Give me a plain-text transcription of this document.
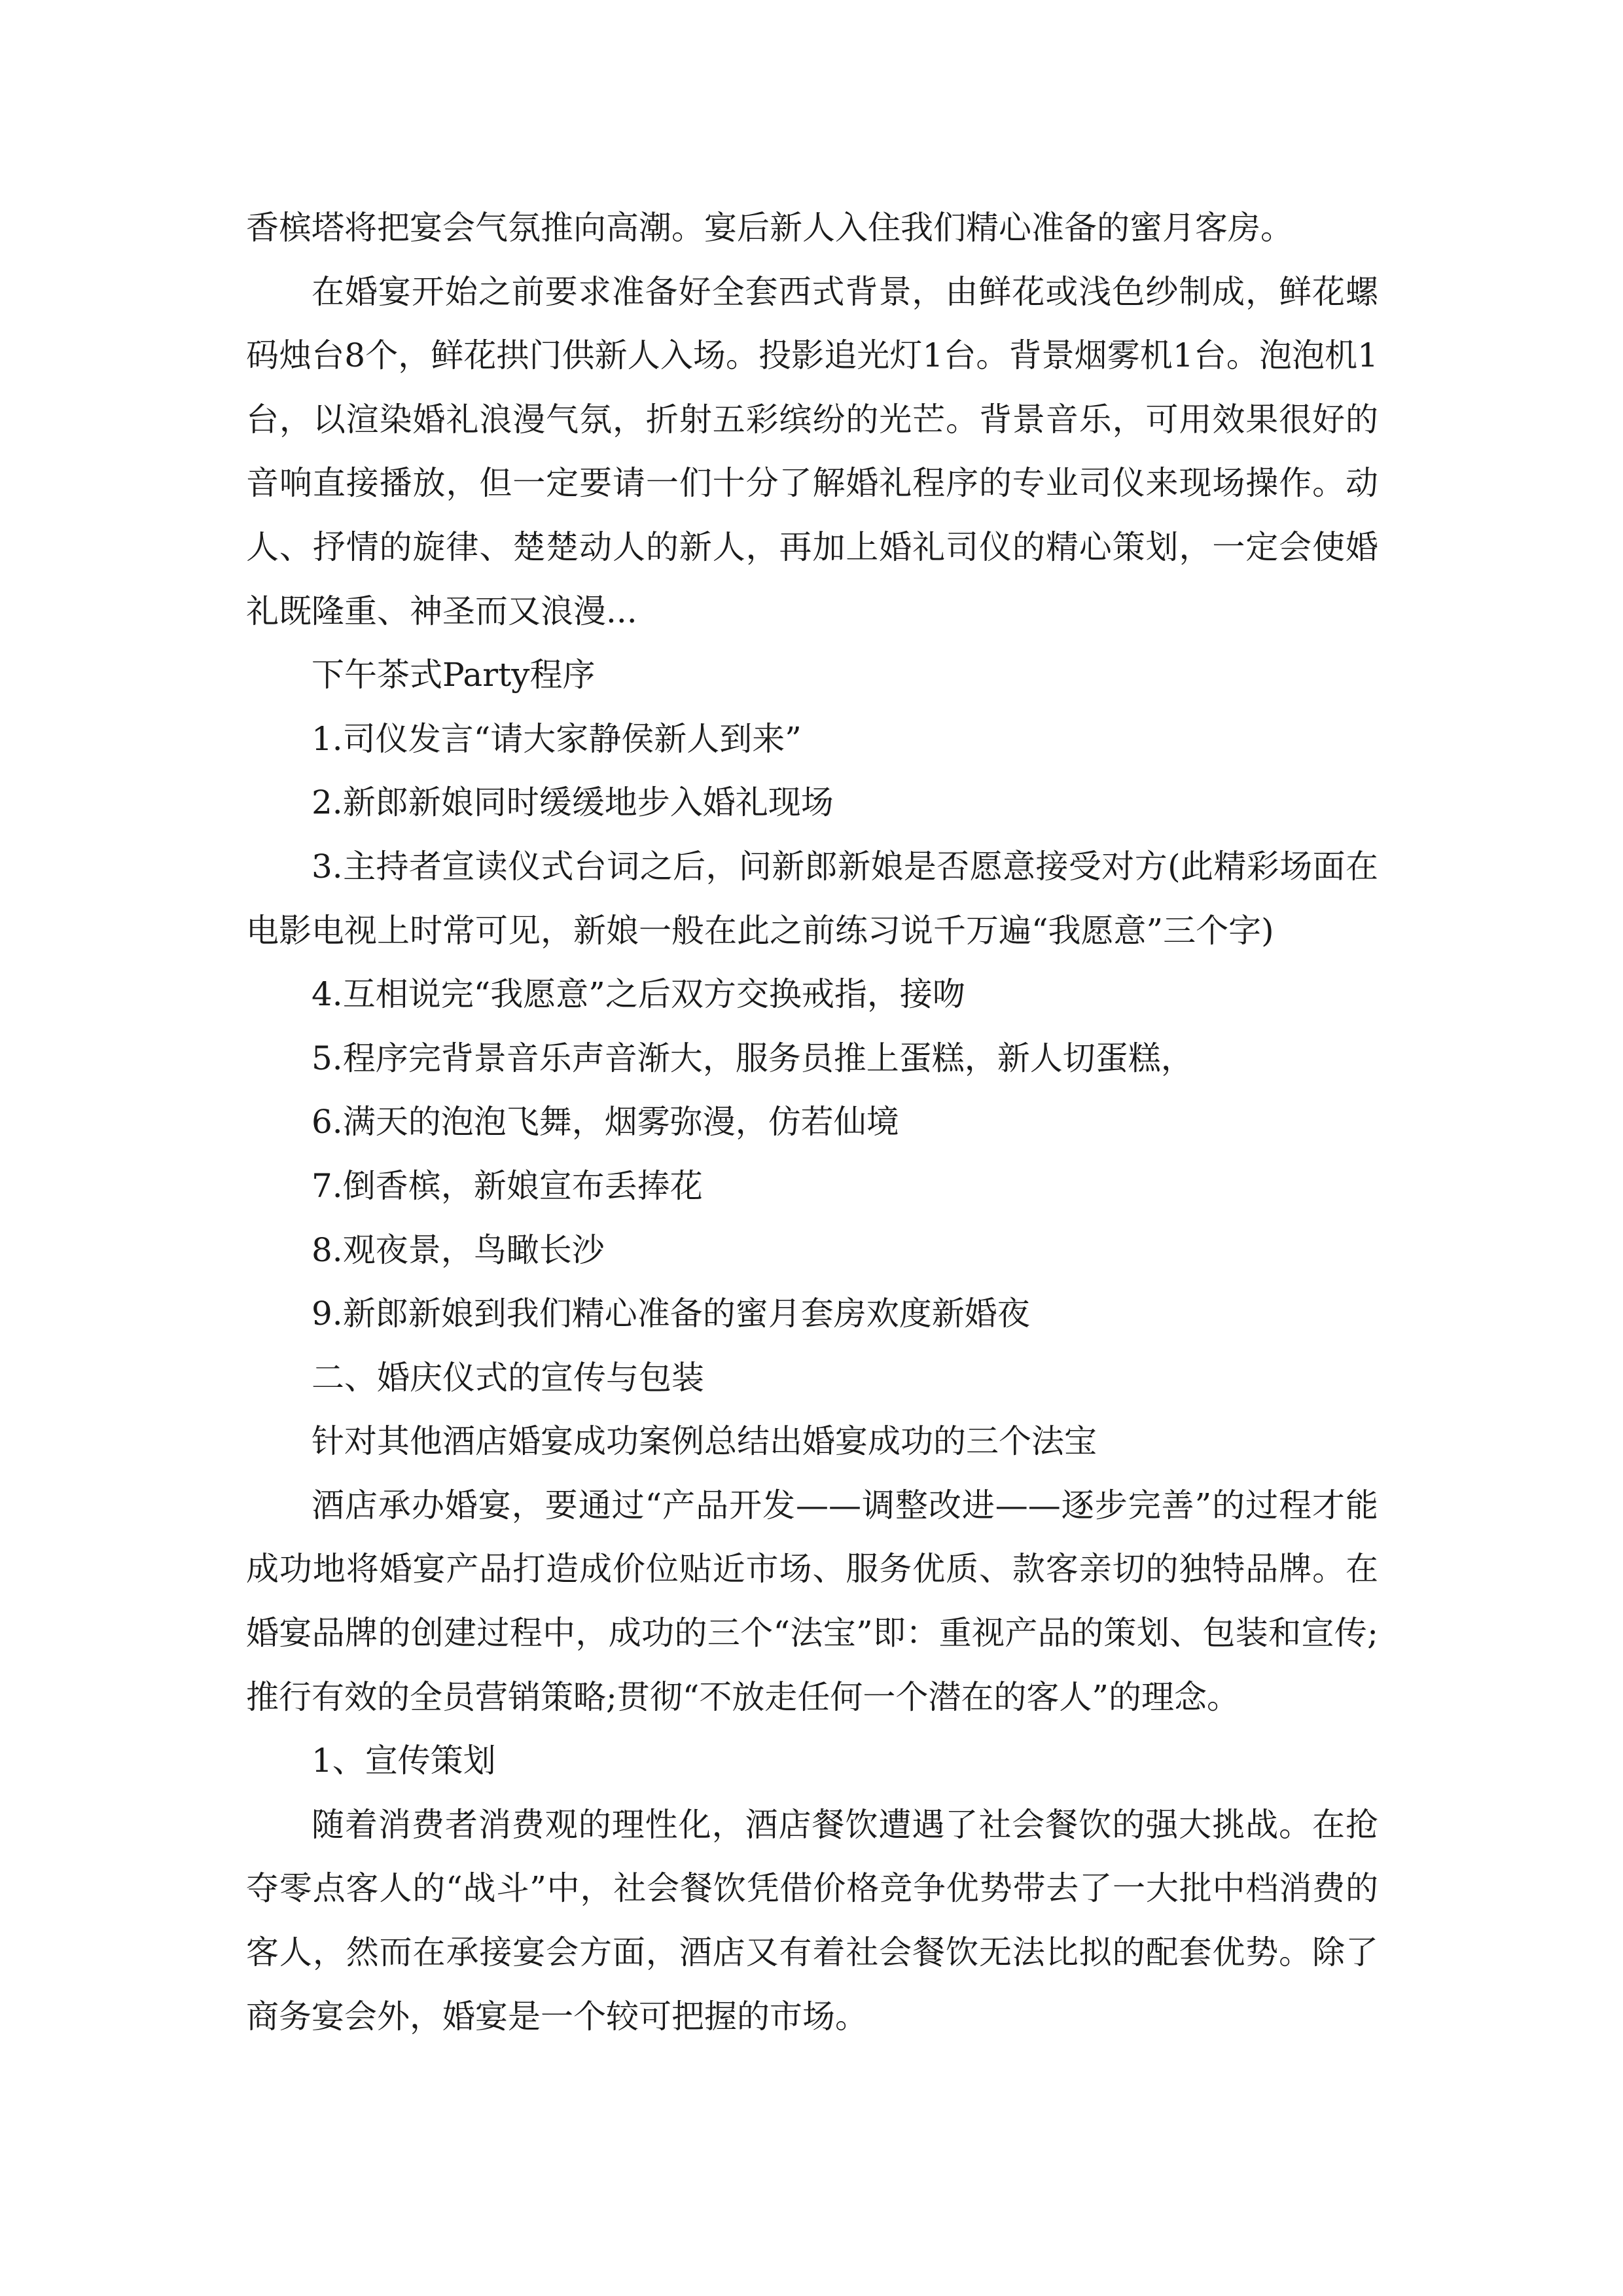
香槟塔将把宴会气氛推向高潮。宴后新人入住我们精心准备的蜜月客房。

在婚宴开始之前要求准备好全套西式背景，由鲜花或浅色纱制成，鲜花螺码烛台8个，鲜花拱门供新人入场。投影追光灯1台。背景烟雾机1台。泡泡机1台，以渲染婚礼浪漫气氛，折射五彩缤纷的光芒。背景音乐，可用效果很好的音响直接播放，但一定要请一们十分了解婚礼程序的专业司仪来现场操作。动人、抒情的旋律、楚楚动人的新人，再加上婚礼司仪的精心策划，一定会使婚礼既隆重、神圣而又浪漫...

下午茶式Party程序

1.司仪发言“请大家静侯新人到来”

2.新郎新娘同时缓缓地步入婚礼现场

3.主持者宣读仪式台词之后，问新郎新娘是否愿意接受对方(此精彩场面在电影电视上时常可见，新娘一般在此之前练习说千万遍“我愿意”三个字)

4.互相说完“我愿意”之后双方交换戒指，接吻

5.程序完背景音乐声音渐大，服务员推上蛋糕，新人切蛋糕，

6.满天的泡泡飞舞，烟雾弥漫，仿若仙境

7.倒香槟，新娘宣布丢捧花

8.观夜景，鸟瞰长沙

9.新郎新娘到我们精心准备的蜜月套房欢度新婚夜

二、婚庆仪式的宣传与包装

针对其他酒店婚宴成功案例总结出婚宴成功的三个法宝

酒店承办婚宴，要通过“产品开发——调整改进——逐步完善”的过程才能成功地将婚宴产品打造成价位贴近市场、服务优质、款客亲切的独特品牌。在婚宴品牌的创建过程中，成功的三个“法宝”即：重视产品的策划、包装和宣传;推行有效的全员营销策略;贯彻“不放走任何一个潜在的客人”的理念。

1、宣传策划

随着消费者消费观的理性化，酒店餐饮遭遇了社会餐饮的强大挑战。在抢夺零点客人的“战斗”中，社会餐饮凭借价格竞争优势带去了一大批中档消费的客人，然而在承接宴会方面，酒店又有着社会餐饮无法比拟的配套优势。除了商务宴会外，婚宴是一个较可把握的市场。
